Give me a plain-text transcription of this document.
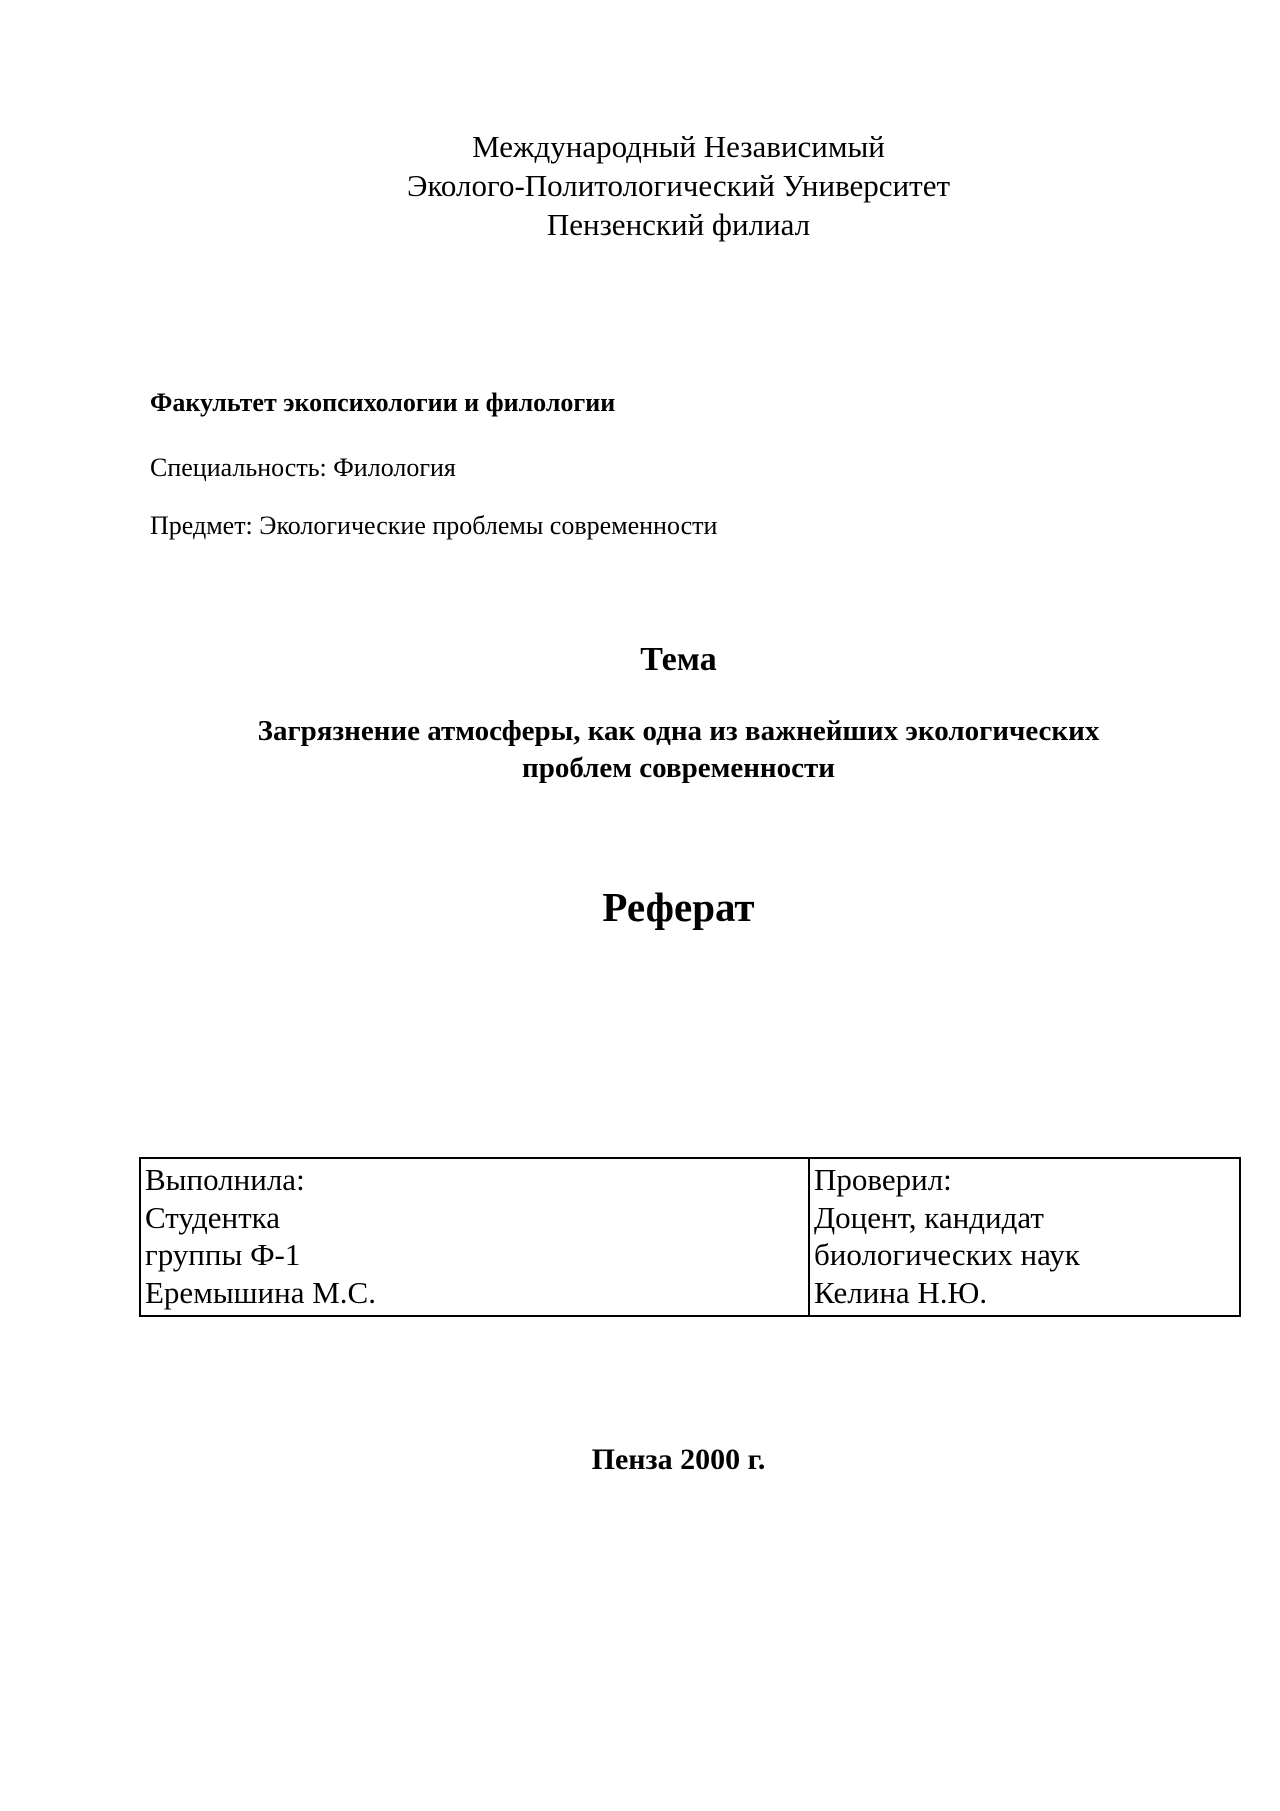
Международный Независимый
Эколого-Политологический Университет
Пензенский филиал
Факультет экопсихологии и филологии
Специальность: Филология
Предмет: Экологические проблемы современности
Тема
Загрязнение атмосферы, как одна из важнейших экологических
проблем современности
Реферат
Выполнила:
Студентка
группы Ф-1
Еремышина М.С.
Проверил:
Доцент, кандидат
биологических наук
Келина Н.Ю.
Пенза 2000 г.
